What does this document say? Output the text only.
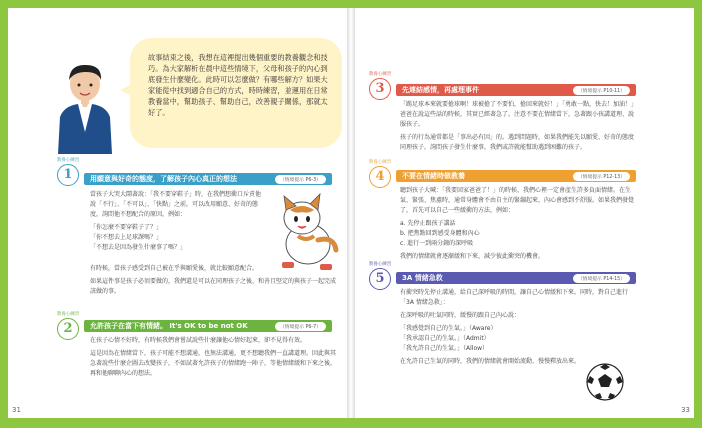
31	33
故事結束之後，我想在這裡提出幾個重要的教養觀念和技巧。為大家解析在晨中這些情境下，父母和孩子的內心到底發生什麼變化。此時可以怎麼做？有哪些解方？如果大家能從中找到適合自己的方式，時時練習，並運用在日常教養當中，幫助孩子、幫助自己，改善親子關係，那就太好了。
教養心練習
1	用願意與好奇的態度，了解孩子內心真正的想法	（情境提示 P6-3）

當孩子大哭大鬧著說：「我不要穿鞋子」時，在我們想衝口斥責他說「不行」、「不可以」、「快點」之前，可以改用願意、好奇的態度，詢問他不想配合的原因，例如：

「你怎麼不要穿鞋子了？」
「你不想去上足球課嗎？」
「不想去是因為發生什麼事了嗎？」

有時候，當孩子感受到自己被在乎與願愛後，就比較願意配合。

如果這件事是孩子必須要做的，我們還是可以在同理孩子之後，和善且堅定的與孩子一起完成該做的事。

教養心練習
2	允許孩子在當下有情緒。 It's OK to be not OK	（情境提示 P6-7）

在孩子心情不好時，有時候我們會嘗試說些什麼讓他心情好起來，卻不見得有效。

這是因為在情緒當下，孩子可能不想溝通，也無法溝通，更不想聽我們一直講道理。因此與其急著說些什麼企圖去改變孩子，不如試著允許孩子的情緒跑一陣子，等他情緒緩和下來之後，再和他聊聊內心的想法。

教養心練習
3	先連結感情，再處理事件	（情境提示 P10-11）

「踢足球本來就要搶球啊！球被搶了不要怕，搶回來就好！」「勇敢一點，快去！加油！」爸爸在說這些話的時候，其實已經著急了。注意不要在情緒當下，急著跟小孩講道理、說服孩子。

孩子的行為通常都是「事出必有因」的。遇到問題時，如果我們能先以願愛、好奇的態度同理孩子，詢問孩子發生什麼事，我們或許就能幫助遇到困難的孩子。

教養心練習
4	不要在情緒時做教養	（情境提示 P12-13）

聽到孩子大喊：「我要回家爸爸了！」的時候，我們心裡一定會產生許多負面情緒。在生氣、緊張、焦慮時，通常身體會不由自主的緊繃起來，內心會感到不舒服。如果我們發覺了，首先可以自己一些緩衝的方法，例如：

a. 先停止跟孩子講話
b. 把焦點回到感受身體和內心
c. 進行一到兩分鐘的深呼吸

我們的情緒就會逐漸緩和下來，減少彼此衝突的機會。

教養心練習
5	3A 情緒急救	（情境提示 P14-15）

有衝突時先停止溝通，給自己深呼吸的時間，讓自己心情緩和下來。同時，對自己進行「3A 情緒急救」：

在深呼吸的吐氣同時，緩慢的跟自己內心說：

「我感覺到自己的生氣。」（Aware）
「我承認自己的生氣。」（Admit）
「我允許自己的生氣。」（Allow）

在允許自己生氣的同時，我們的情緒就會開始流動、慢慢釋放出來。
